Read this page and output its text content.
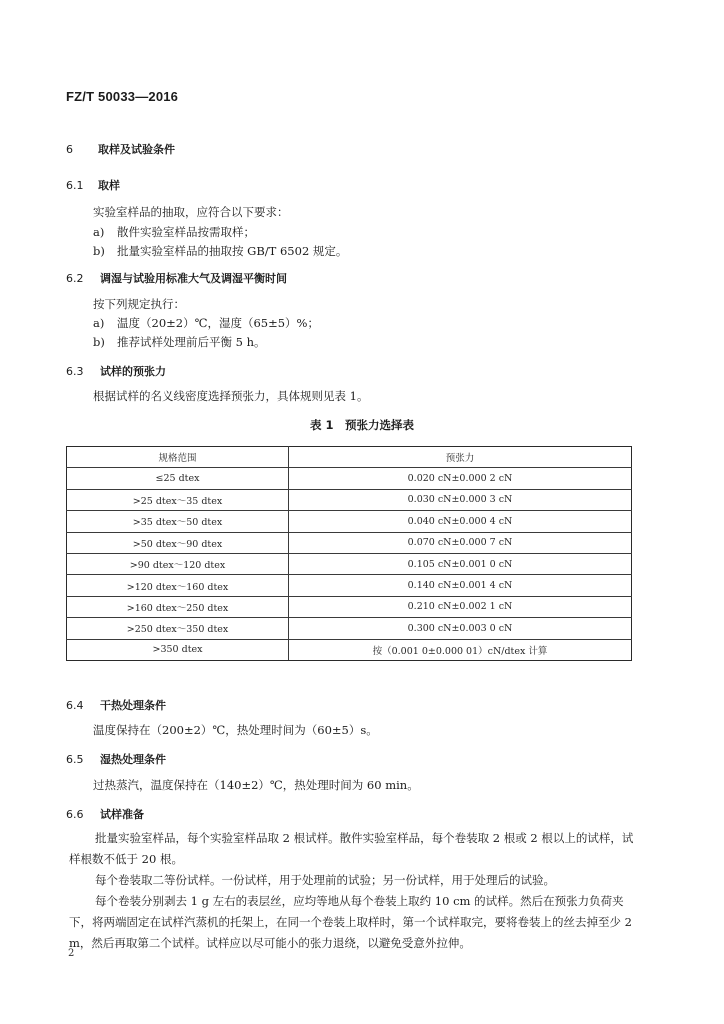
FZ/T 50033—2016
6 取样及试验条件
6.1 取样
实验室样品的抽取，应符合以下要求：
a) 散件实验室样品按需取样；
b) 批量实验室样品的抽取按 GB/T 6502 规定。
6.2 调湿与试验用标准大气及调湿平衡时间
按下列规定执行：
a) 温度（20±2）℃，湿度（65±5）%；
b) 推荐试样处理前后平衡 5 h。
6.3 试样的预张力
根据试样的名义线密度选择预张力，具体规则见表 1。
表 1　预张力选择表
规格范围	预张力
≤25 dtex	0.020 cN±0.000 2 cN
>25 dtex～35 dtex	0.030 cN±0.000 3 cN
>35 dtex～50 dtex	0.040 cN±0.000 4 cN
>50 dtex～90 dtex	0.070 cN±0.000 7 cN
>90 dtex～120 dtex	0.105 cN±0.001 0 cN
>120 dtex～160 dtex	0.140 cN±0.001 4 cN
>160 dtex～250 dtex	0.210 cN±0.002 1 cN
>250 dtex～350 dtex	0.300 cN±0.003 0 cN
>350 dtex	按（0.001 0±0.000 01）cN/dtex 计算
6.4 干热处理条件
温度保持在（200±2）℃，热处理时间为（60±5）s。
6.5 湿热处理条件
过热蒸汽，温度保持在（140±2）℃，热处理时间为 60 min。
6.6 试样准备
批量实验室样品，每个实验室样品取 2 根试样。散件实验室样品，每个卷装取 2 根或 2 根以上的试样，试样根数不低于 20 根。
每个卷装取二等份试样。一份试样，用于处理前的试验；另一份试样，用于处理后的试验。
每个卷装分别剥去 1 g 左右的表层丝，应均等地从每个卷装上取约 10 cm 的试样。然后在预张力负荷夹下，将两端固定在试样汽蒸机的托架上，在同一个卷装上取样时，第一个试样取完，要将卷装上的丝去掉至少 2 m，然后再取第二个试样。试样应以尽可能小的张力退绕，以避免受意外拉伸。
2
